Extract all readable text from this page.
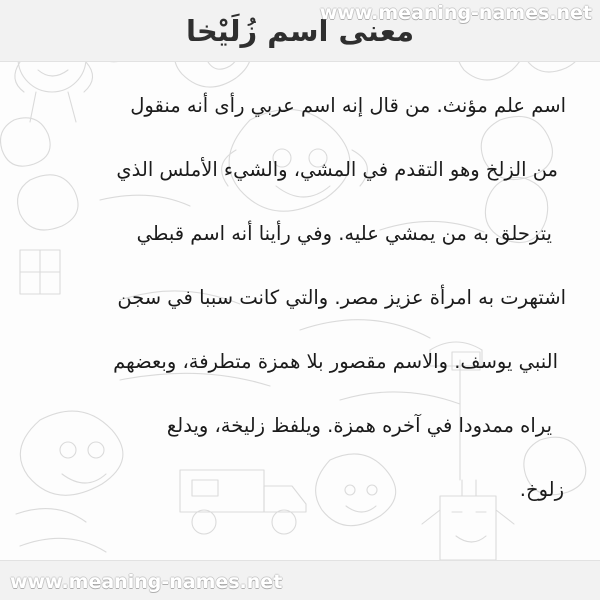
معنى اسم زُلَيْخا
www.meaning-names.net
اسم علم مؤنث. من قال إنه اسم عربي رأى أنه منقول
من الزلخ وهو التقدم في المشي، والشيء الأملس الذي
يتزحلق به من يمشي عليه. وفي رأينا أنه اسم قبطي
اشتهرت به امرأة عزيز مصر. والتي كانت سببا في سجن
النبي يوسف. والاسم مقصور بلا همزة متطرفة، وبعضهم
يراه ممدودا في آخره همزة. ويلفظ زليخة، ويدلع
زلوخ.
www.meaning-names.net
